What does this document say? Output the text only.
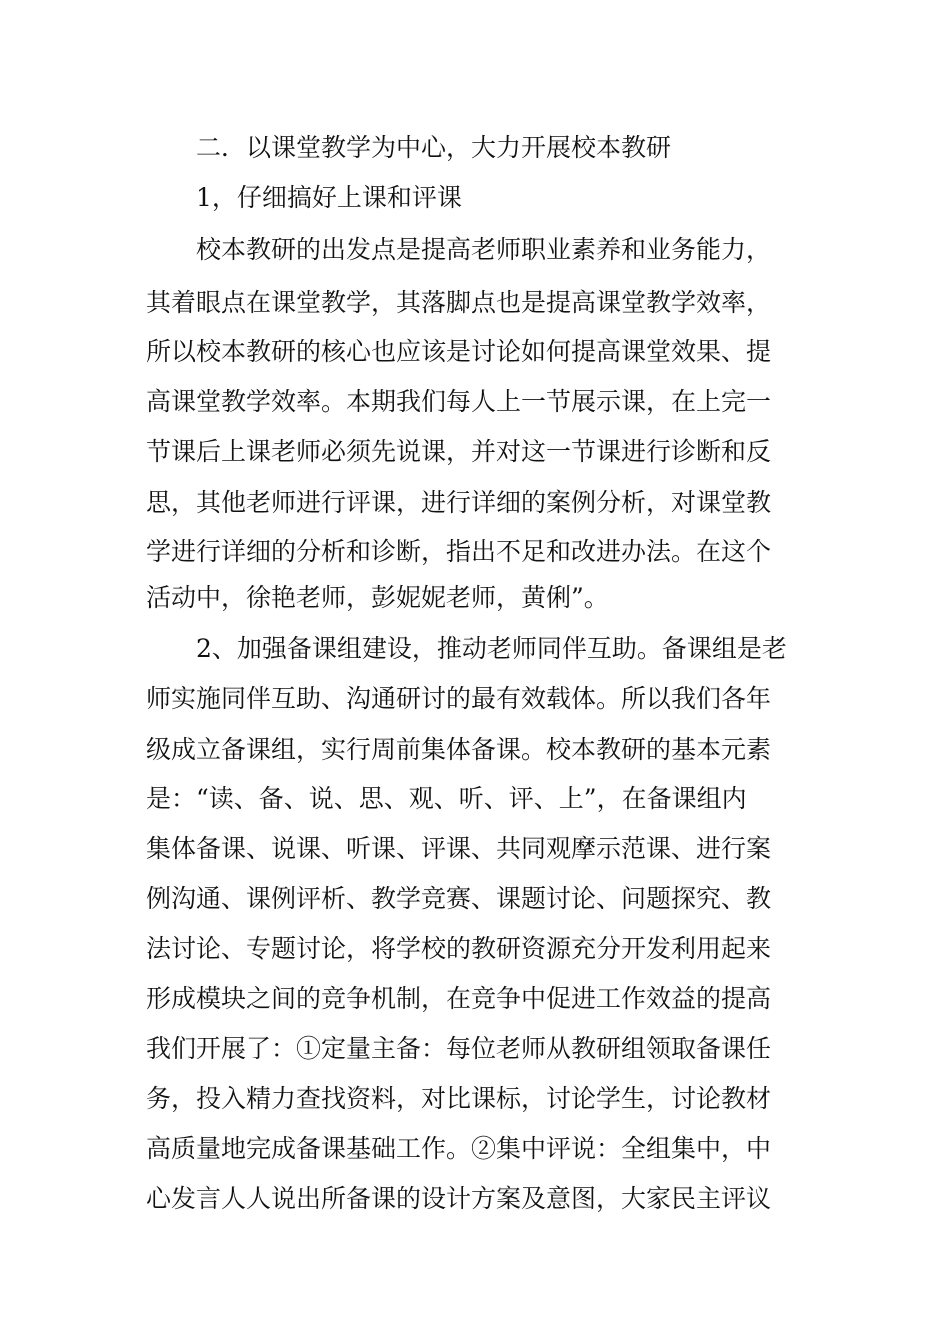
二．以课堂教学为中心，大力开展校本教研
1，仔细搞好上课和评课
校本教研的出发点是提高老师职业素养和业务能力，
其着眼点在课堂教学，其落脚点也是提高课堂教学效率，
所以校本教研的核心也应该是讨论如何提高课堂效果、提
高课堂教学效率。本期我们每人上一节展示课，在上完一
节课后上课老师必须先说课，并对这一节课进行诊断和反
思，其他老师进行评课，进行详细的案例分析，对课堂教
学进行详细的分析和诊断，指出不足和改进办法。在这个
活动中，徐艳老师，彭妮妮老师，黄俐”。
2、加强备课组建设，推动老师同伴互助。备课组是老
师实施同伴互助、沟通研讨的最有效载体。所以我们各年
级成立备课组，实行周前集体备课。校本教研的基本元素
是：“读、备、说、思、观、听、评、上”，在备课组内
集体备课、说课、听课、评课、共同观摩示范课、进行案
例沟通、课例评析、教学竞赛、课题讨论、问题探究、教
法讨论、专题讨论，将学校的教研资源充分开发利用起来
形成模块之间的竞争机制，在竞争中促进工作效益的提高
我们开展了：①定量主备：每位老师从教研组领取备课任
务，投入精力查找资料，对比课标，讨论学生，讨论教材
高质量地完成备课基础工作。②集中评说：全组集中，中
心发言人人说出所备课的设计方案及意图，大家民主评议
